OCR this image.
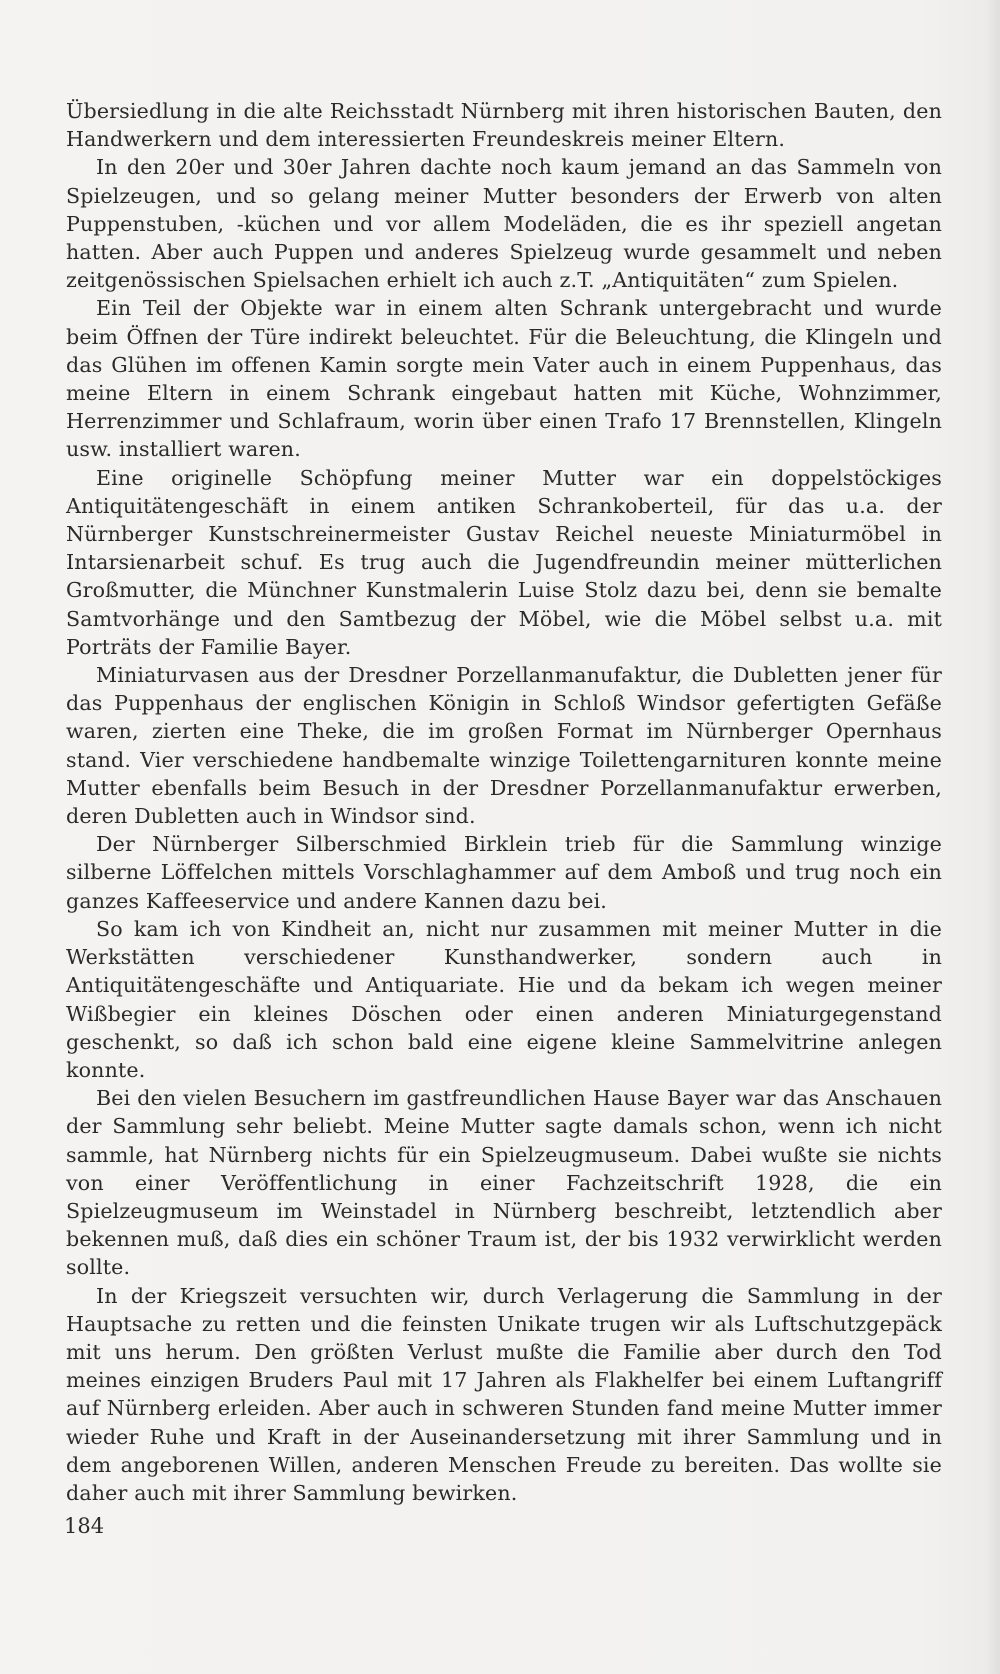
Übersiedlung in die alte Reichsstadt Nürnberg mit ihren historischen Bauten, den Handwerkern und dem interessierten Freundeskreis meiner Eltern.

In den 20er und 30er Jahren dachte noch kaum jemand an das Sammeln von Spielzeugen, und so gelang meiner Mutter besonders der Erwerb von alten Puppenstuben, -küchen und vor allem Modeläden, die es ihr speziell angetan hatten. Aber auch Puppen und anderes Spielzeug wurde gesammelt und neben zeitgenössischen Spielsachen erhielt ich auch z.T. „Antiquitäten“ zum Spielen.

Ein Teil der Objekte war in einem alten Schrank untergebracht und wurde beim Öffnen der Türe indirekt beleuchtet. Für die Beleuchtung, die Klingeln und das Glühen im offenen Kamin sorgte mein Vater auch in einem Puppenhaus, das meine Eltern in einem Schrank eingebaut hatten mit Küche, Wohnzimmer, Herrenzimmer und Schlafraum, worin über einen Trafo 17 Brennstellen, Klingeln usw. installiert waren.

Eine originelle Schöpfung meiner Mutter war ein doppelstöckiges Antiquitätengeschäft in einem antiken Schrankoberteil, für das u.a. der Nürnberger Kunstschreinermeister Gustav Reichel neueste Miniaturmöbel in Intarsienarbeit schuf. Es trug auch die Jugendfreundin meiner mütterlichen Großmutter, die Münchner Kunstmalerin Luise Stolz dazu bei, denn sie bemalte Samtvorhänge und den Samtbezug der Möbel, wie die Möbel selbst u.a. mit Porträts der Familie Bayer.

Miniaturvasen aus der Dresdner Porzellanmanufaktur, die Dubletten jener für das Puppenhaus der englischen Königin in Schloß Windsor gefertigten Gefäße waren, zierten eine Theke, die im großen Format im Nürnberger Opernhaus stand. Vier verschiedene handbemalte winzige Toilettengarnituren konnte meine Mutter ebenfalls beim Besuch in der Dresdner Porzellanmanufaktur erwerben, deren Dubletten auch in Windsor sind.

Der Nürnberger Silberschmied Birklein trieb für die Sammlung winzige silberne Löffelchen mittels Vorschlaghammer auf dem Amboß und trug noch ein ganzes Kaffeeservice und andere Kannen dazu bei.

So kam ich von Kindheit an, nicht nur zusammen mit meiner Mutter in die Werkstätten verschiedener Kunsthandwerker, sondern auch in Antiquitätengeschäfte und Antiquariate. Hie und da bekam ich wegen meiner Wißbegier ein kleines Döschen oder einen anderen Miniaturgegenstand geschenkt, so daß ich schon bald eine eigene kleine Sammelvitrine anlegen konnte.

Bei den vielen Besuchern im gastfreundlichen Hause Bayer war das Anschauen der Sammlung sehr beliebt. Meine Mutter sagte damals schon, wenn ich nicht sammle, hat Nürnberg nichts für ein Spielzeugmuseum. Dabei wußte sie nichts von einer Veröffentlichung in einer Fachzeitschrift 1928, die ein Spielzeugmuseum im Weinstadel in Nürnberg beschreibt, letztendlich aber bekennen muß, daß dies ein schöner Traum ist, der bis 1932 verwirklicht werden sollte.

In der Kriegszeit versuchten wir, durch Verlagerung die Sammlung in der Hauptsache zu retten und die feinsten Unikate trugen wir als Luftschutzgepäck mit uns herum. Den größten Verlust mußte die Familie aber durch den Tod meines einzigen Bruders Paul mit 17 Jahren als Flakhelfer bei einem Luftangriff auf Nürnberg erleiden. Aber auch in schweren Stunden fand meine Mutter immer wieder Ruhe und Kraft in der Auseinandersetzung mit ihrer Sammlung und in dem angeborenen Willen, anderen Menschen Freude zu bereiten. Das wollte sie daher auch mit ihrer Sammlung bewirken.

184
